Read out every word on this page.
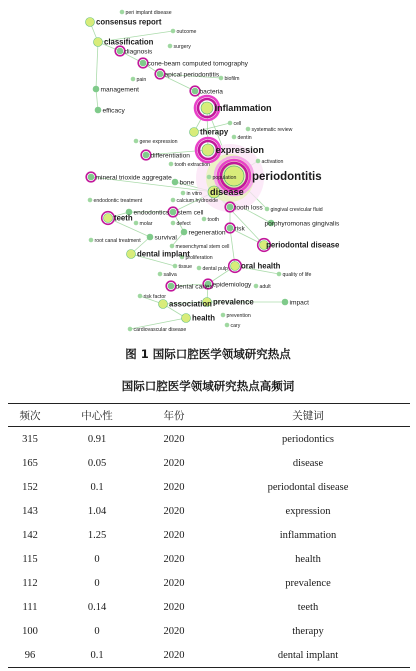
peri implant disease
consensus report
outcome
classification
diagnosis
surgery
cone-beam computed tomography
apical periodontitis
biofilm
pain
management	bacteria
efficacy	inflammation
cell
systematic review
therapy
dentin
gene expression
expression
differentiation
tooth extraction	activation
mineral trioxide aggregate
bone
population periodontitis
disease
endodontic treatment
in vitro
calcium hydroxide
tooth loss gingival crevicular fluid
endodontics stem cell
porphyromonas gingivalis
teeth
molar	defect
tooth
risk
regeneration
root canal treatment survival
periodontal disease
mesenchymal stem cell
dental implant
proliferation
tissue dental pulp oral health
saliva	quality of life
dental caries epidemiology adult
risk factor
prevalence	impact
association
prevention
health
cary
cardiovascular disease
图 1 国际口腔医学领域研究热点
国际口腔医学领域研究热点高频词
频次	中心性	年份	关键词
315	0.91	2020	periodontics
165	0.05	2020	disease
152	0.1	2020	periodontal disease
143	1.04	2020	expression
142	1.25	2020	inflammation
115	0	2020	health
112	0	2020	prevalence
111	0.14	2020	teeth
100	0	2020	therapy
96	0.1	2020	dental implant
